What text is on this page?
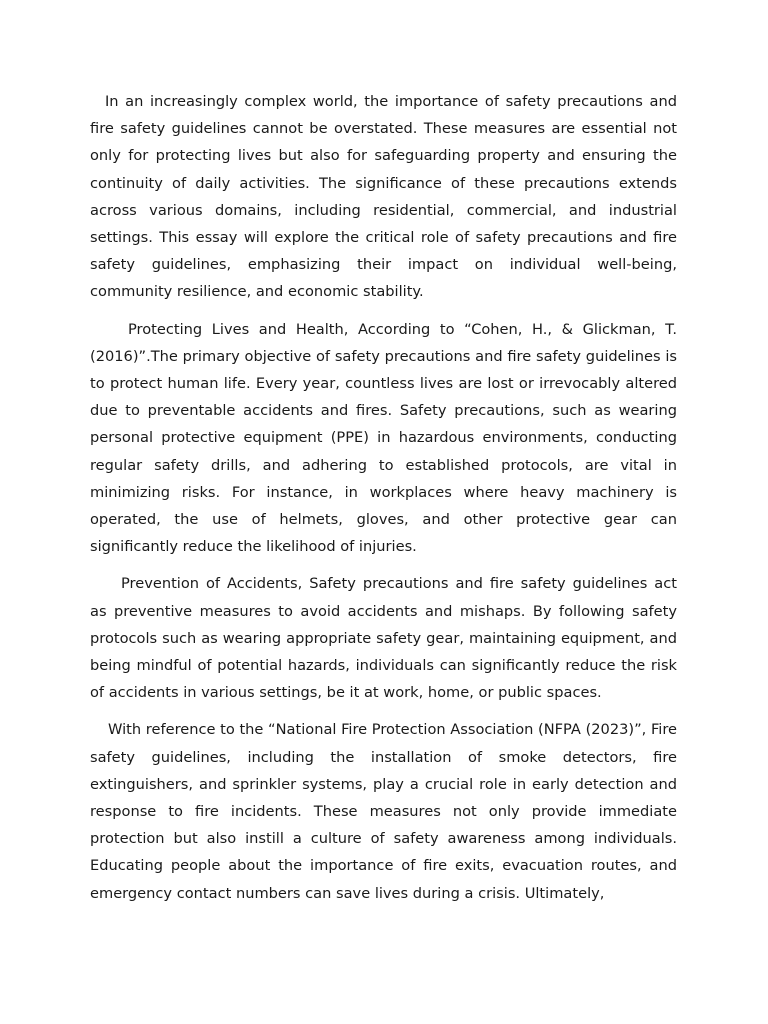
In an increasingly complex world, the importance of safety precautions and fire safety guidelines cannot be overstated. These measures are essential not only for protecting lives but also for safeguarding property and ensuring the continuity of daily activities. The significance of these precautions extends across various domains, including residential, commercial, and industrial settings. This essay will explore the critical role of safety precautions and fire safety guidelines, emphasizing their impact on individual well-being, community resilience, and economic stability.

Protecting Lives and Health, According to “Cohen, H., & Glickman, T. (2016)”.The primary objective of safety precautions and fire safety guidelines is to protect human life. Every year, countless lives are lost or irrevocably altered due to preventable accidents and fires. Safety precautions, such as wearing personal protective equipment (PPE) in hazardous environments, conducting regular safety drills, and adhering to established protocols, are vital in minimizing risks. For instance, in workplaces where heavy machinery is operated, the use of helmets, gloves, and other protective gear can significantly reduce the likelihood of injuries.

Prevention of Accidents, Safety precautions and fire safety guidelines act as preventive measures to avoid accidents and mishaps. By following safety protocols such as wearing appropriate safety gear, maintaining equipment, and being mindful of potential hazards, individuals can significantly reduce the risk of accidents in various settings, be it at work, home, or public spaces.

With reference to the “National Fire Protection Association (NFPA (2023)”, Fire safety guidelines, including the installation of smoke detectors, fire extinguishers, and sprinkler systems, play a crucial role in early detection and response to fire incidents. These measures not only provide immediate protection but also instill a culture of safety awareness among individuals. Educating people about the importance of fire exits, evacuation routes, and emergency contact numbers can save lives during a crisis. Ultimately,
